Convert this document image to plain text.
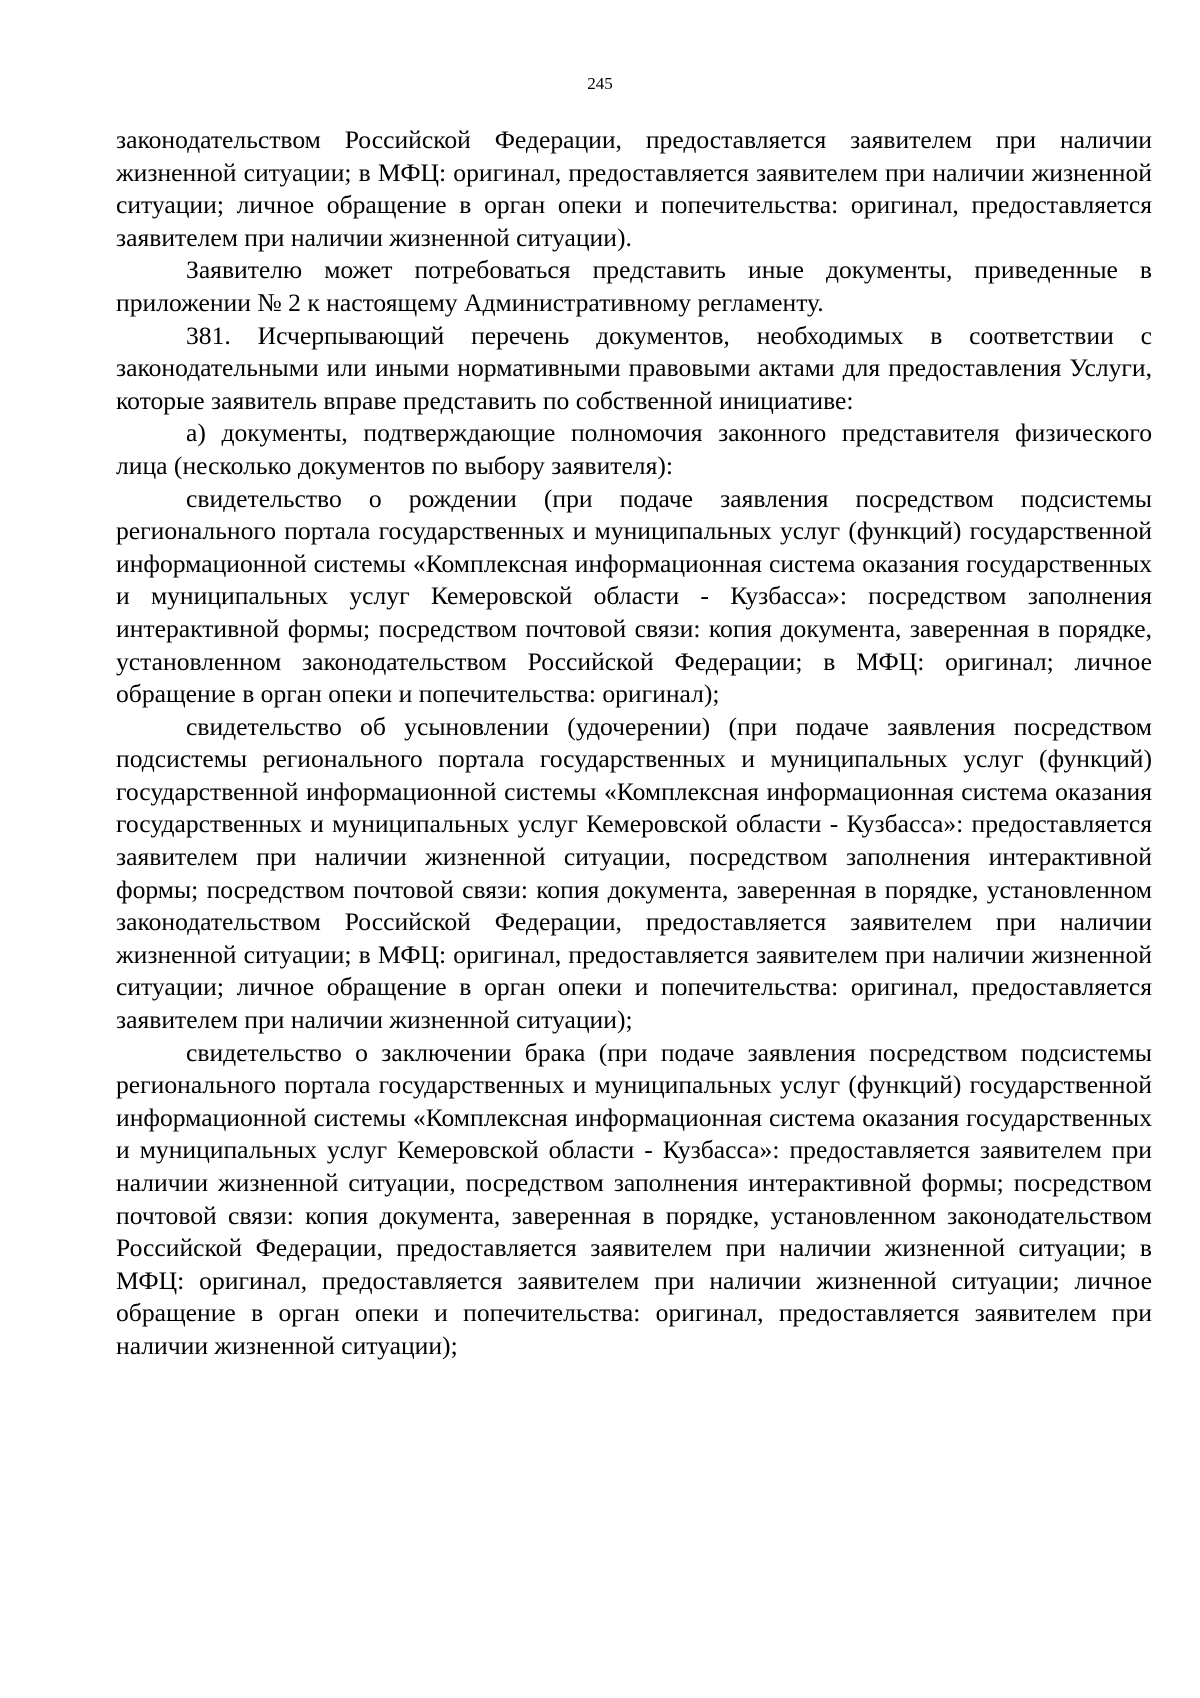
245

законодательством Российской Федерации, предоставляется заявителем при наличии жизненной ситуации; в МФЦ: оригинал, предоставляется заявителем при наличии жизненной ситуации; личное обращение в орган опеки и попечительства: оригинал, предоставляется заявителем при наличии жизненной ситуации).

Заявителю может потребоваться представить иные документы, приведенные в приложении № 2 к настоящему Административному регламенту.

381. Исчерпывающий перечень документов, необходимых в соответствии с законодательными или иными нормативными правовыми актами для предоставления Услуги, которые заявитель вправе представить по собственной инициативе:

а) документы, подтверждающие полномочия законного представителя физического лица (несколько документов по выбору заявителя):

свидетельство о рождении (при подаче заявления посредством подсистемы регионального портала государственных и муниципальных услуг (функций) государственной информационной системы «Комплексная информационная система оказания государственных и муниципальных услуг Кемеровской области - Кузбасса»: посредством заполнения интерактивной формы; посредством почтовой связи: копия документа, заверенная в порядке, установленном законодательством Российской Федерации; в МФЦ: оригинал; личное обращение в орган опеки и попечительства: оригинал);

свидетельство об усыновлении (удочерении) (при подаче заявления посредством подсистемы регионального портала государственных и муниципальных услуг (функций) государственной информационной системы «Комплексная информационная система оказания государственных и муниципальных услуг Кемеровской области - Кузбасса»: предоставляется заявителем при наличии жизненной ситуации, посредством заполнения интерактивной формы; посредством почтовой связи: копия документа, заверенная в порядке, установленном законодательством Российской Федерации, предоставляется заявителем при наличии жизненной ситуации; в МФЦ: оригинал, предоставляется заявителем при наличии жизненной ситуации; личное обращение в орган опеки и попечительства: оригинал, предоставляется заявителем при наличии жизненной ситуации);

свидетельство о заключении брака (при подаче заявления посредством подсистемы регионального портала государственных и муниципальных услуг (функций) государственной информационной системы «Комплексная информационная система оказания государственных и муниципальных услуг Кемеровской области - Кузбасса»: предоставляется заявителем при наличии жизненной ситуации, посредством заполнения интерактивной формы; посредством почтовой связи: копия документа, заверенная в порядке, установленном законодательством Российской Федерации, предоставляется заявителем при наличии жизненной ситуации; в МФЦ: оригинал, предоставляется заявителем при наличии жизненной ситуации; личное обращение в орган опеки и попечительства: оригинал, предоставляется заявителем при наличии жизненной ситуации);
